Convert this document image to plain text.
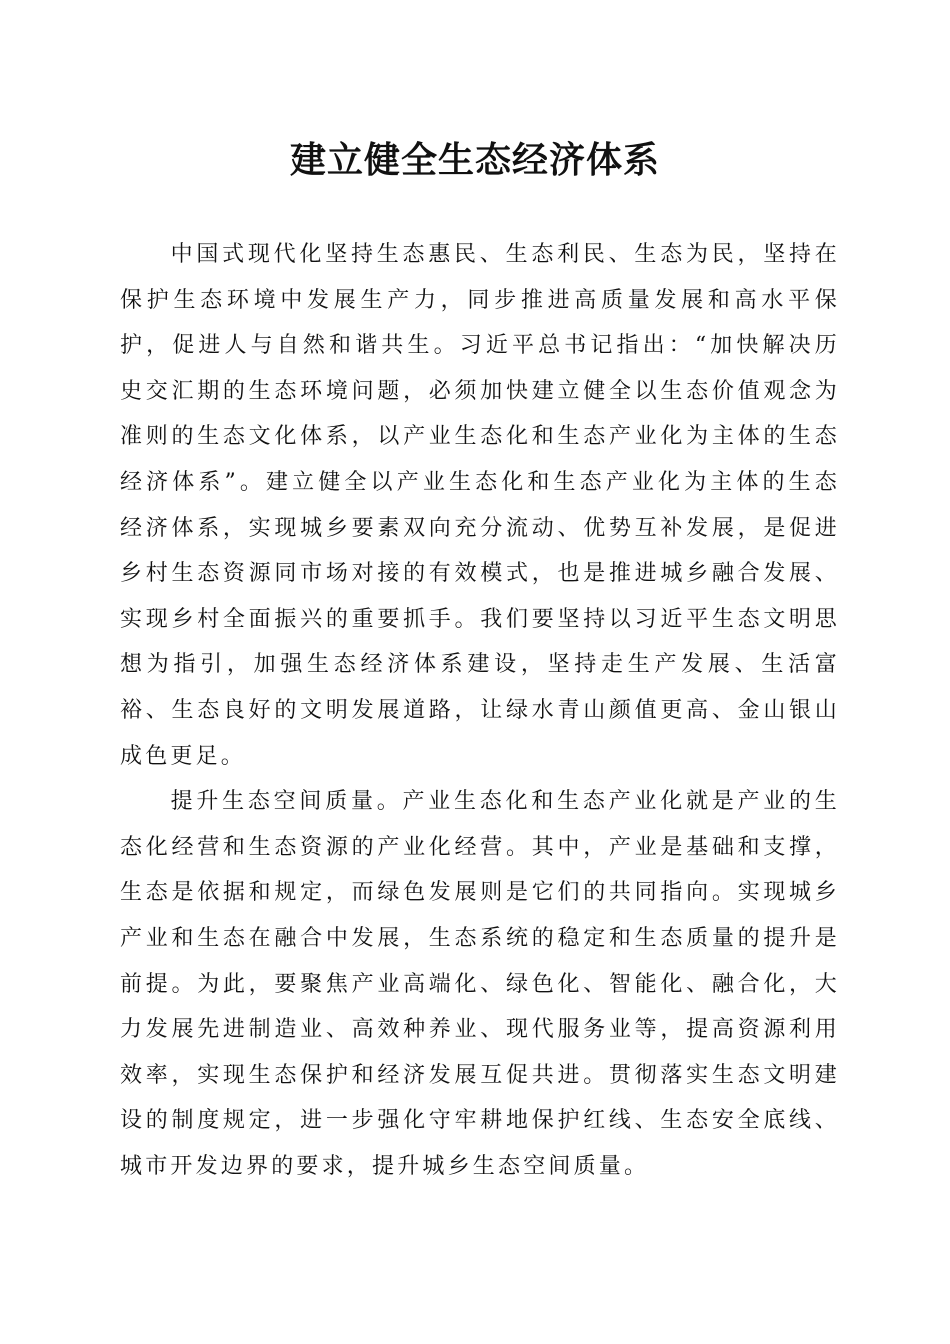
建立健全生态经济体系

中国式现代化坚持生态惠民、生态利民、生态为民，坚持在保护生态环境中发展生产力，同步推进高质量发展和高水平保护，促进人与自然和谐共生。习近平总书记指出：“加快解决历史交汇期的生态环境问题，必须加快建立健全以生态价值观念为准则的生态文化体系，以产业生态化和生态产业化为主体的生态经济体系”。建立健全以产业生态化和生态产业化为主体的生态经济体系，实现城乡要素双向充分流动、优势互补发展，是促进乡村生态资源同市场对接的有效模式，也是推进城乡融合发展、实现乡村全面振兴的重要抓手。我们要坚持以习近平生态文明思想为指引，加强生态经济体系建设，坚持走生产发展、生活富裕、生态良好的文明发展道路，让绿水青山颜值更高、金山银山成色更足。

提升生态空间质量。产业生态化和生态产业化就是产业的生态化经营和生态资源的产业化经营。其中，产业是基础和支撑，生态是依据和规定，而绿色发展则是它们的共同指向。实现城乡产业和生态在融合中发展，生态系统的稳定和生态质量的提升是前提。为此，要聚焦产业高端化、绿色化、智能化、融合化，大力发展先进制造业、高效种养业、现代服务业等，提高资源利用效率，实现生态保护和经济发展互促共进。贯彻落实生态文明建设的制度规定，进一步强化守牢耕地保护红线、生态安全底线、城市开发边界的要求，提升城乡生态空间质量。
